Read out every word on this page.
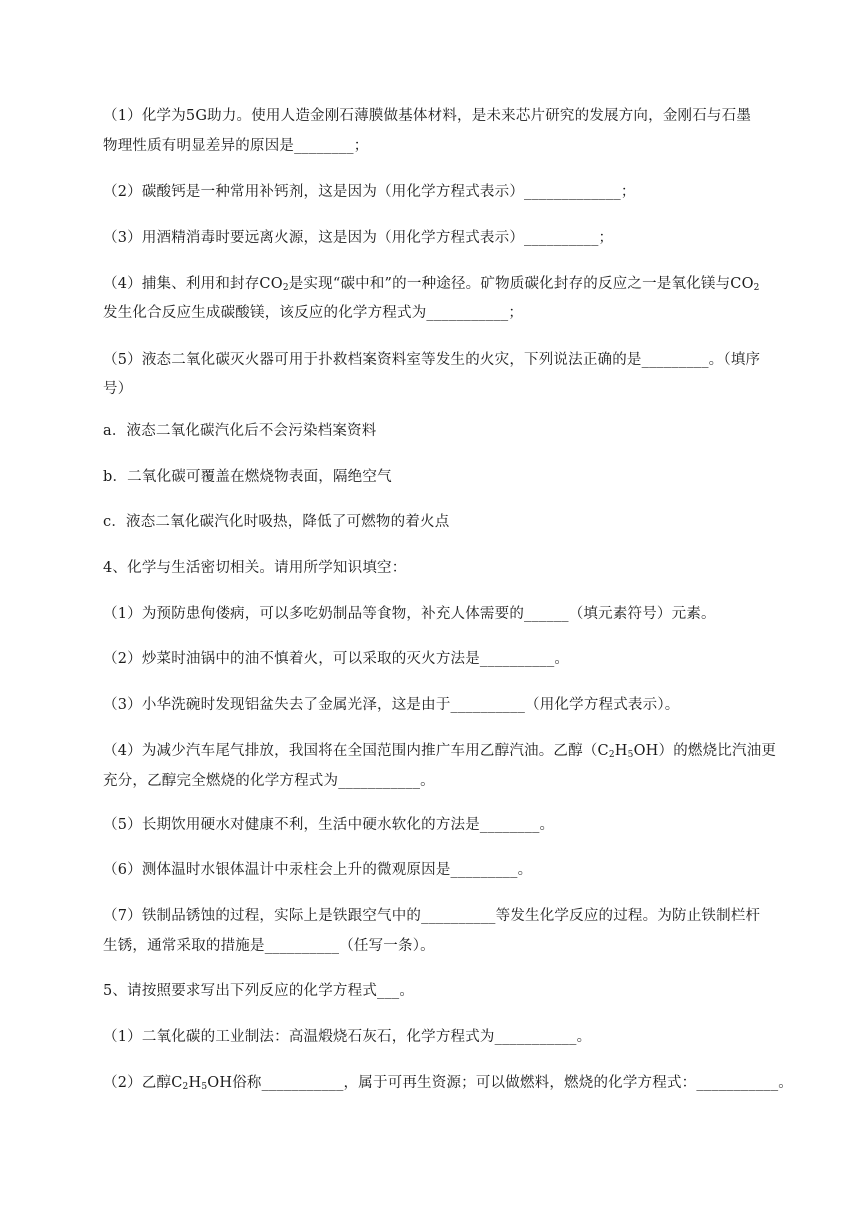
（1）化学为5G助力。使用人造金刚石薄膜做基体材料，是未来芯片研究的发展方向，金刚石与石墨
物理性质有明显差异的原因是________；
（2）碳酸钙是一种常用补钙剂，这是因为（用化学方程式表示）_____________；
（3）用酒精消毒时要远离火源，这是因为（用化学方程式表示）__________；
（4）捕集、利用和封存$CO_2$是实现“碳中和”的一种途径。矿物质碳化封存的反应之一是氧化镁与$CO_2$
发生化合反应生成碳酸镁，该反应的化学方程式为___________；
（5）液态二氧化碳灭火器可用于扑救档案资料室等发生的火灾，下列说法正确的是_________。（填序
号）
a．液态二氧化碳汽化后不会污染档案资料
b．二氧化碳可覆盖在燃烧物表面，隔绝空气
c．液态二氧化碳汽化时吸热，降低了可燃物的着火点
4、化学与生活密切相关。请用所学知识填空：
（1）为预防患佝偻病，可以多吃奶制品等食物，补充人体需要的______（填元素符号）元素。
（2）炒菜时油锅中的油不慎着火，可以采取的灭火方法是__________。
（3）小华洗碗时发现铝盆失去了金属光泽，这是由于__________（用化学方程式表示）。
（4）为减少汽车尾气排放，我国将在全国范围内推广车用乙醇汽油。乙醇$(C_2H_5OH)$的燃烧比汽油更
充分，乙醇完全燃烧的化学方程式为___________。
（5）长期饮用硬水对健康不利，生活中硬水软化的方法是________。
（6）测体温时水银体温计中汞柱会上升的微观原因是_________。
（7）铁制品锈蚀的过程，实际上是铁跟空气中的__________等发生化学反应的过程。为防止铁制栏杆
生锈，通常采取的措施是__________（任写一条）。
5、请按照要求写出下列反应的化学方程式___。
（1）二氧化碳的工业制法：高温煅烧石灰石，化学方程式为___________。
（2）乙醇$C_2H_5OH$俗称___________，属于可再生资源；可以做燃料，燃烧的化学方程式：___________。
